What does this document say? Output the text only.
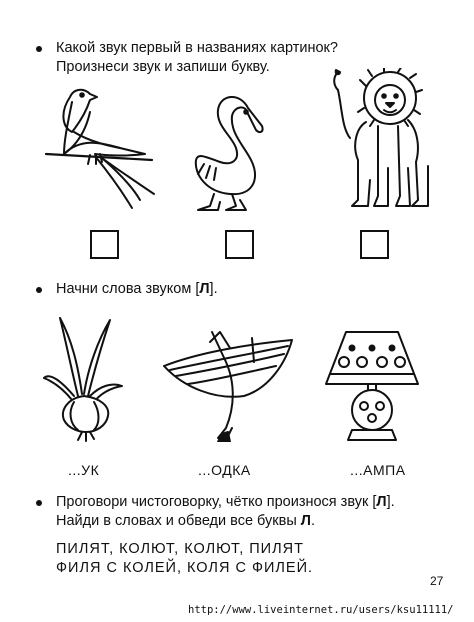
Какой звук первый в названиях картинок?
Произнеси звук и запиши букву.
Начни слова звуком [Л].
...УК	...ОДКА	...АМПА
Проговори чистоговорку, чётко произнося звук [Л].
Найди в словах и обведи все буквы Л.
ПИЛЯТ, КОЛЮТ, КОЛЮТ, ПИЛЯТ
ФИЛЯ С КОЛЕЙ, КОЛЯ С ФИЛЕЙ.
27
http://www.liveinternet.ru/users/ksu11111/
